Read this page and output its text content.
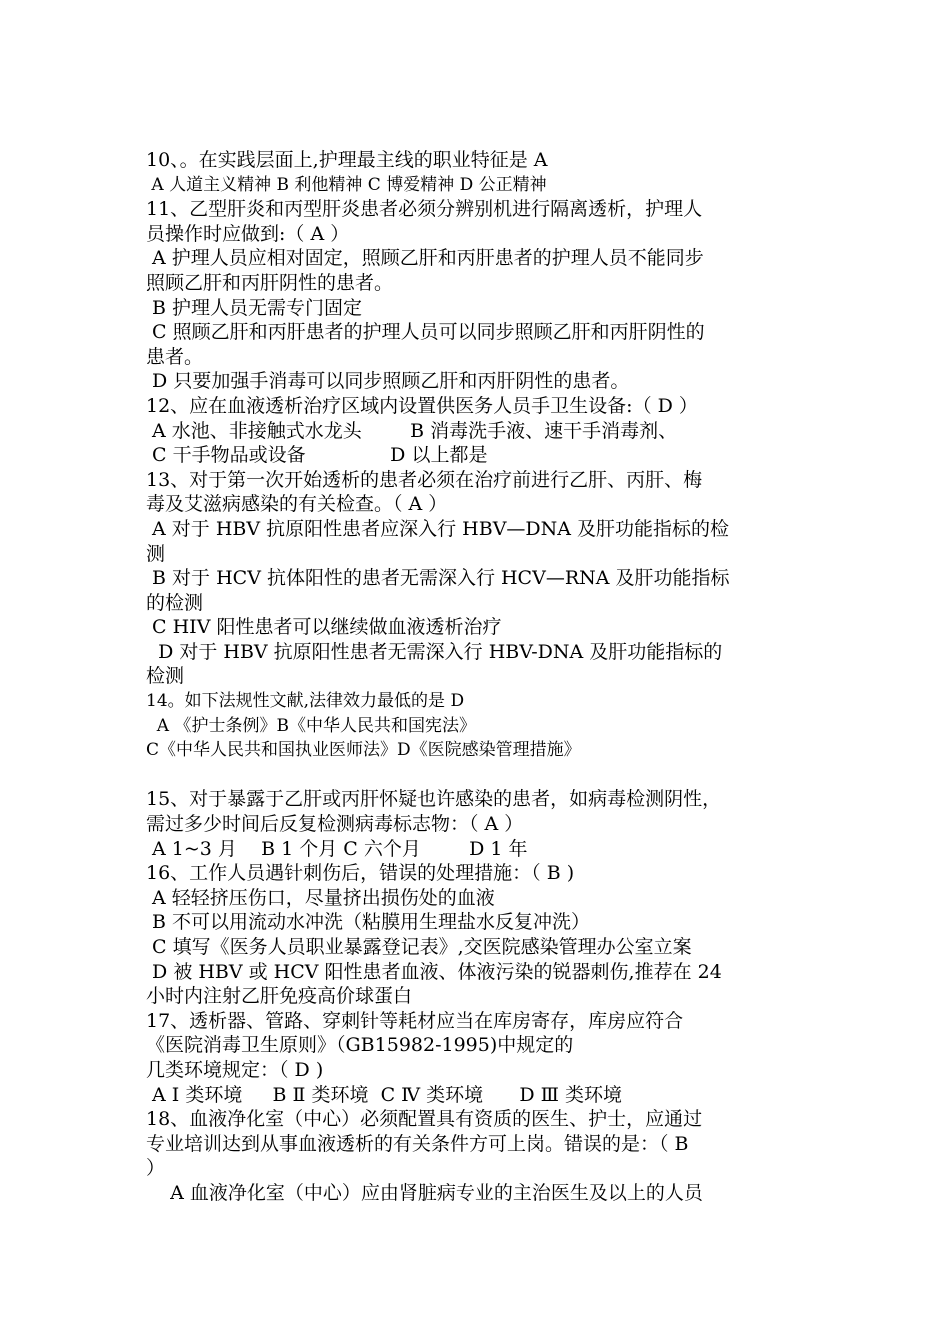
10、。在实践层面上,护理最主线的职业特征是 A
A 人道主义精神 B 利他精神 C 博爱精神 D 公正精神
11、乙型肝炎和丙型肝炎患者必须分辨别机进行隔离透析，护理人
员操作时应做到:（ A ）
A 护理人员应相对固定，照顾乙肝和丙肝患者的护理人员不能同步
照顾乙肝和丙肝阴性的患者。
B 护理人员无需专门固定
C 照顾乙肝和丙肝患者的护理人员可以同步照顾乙肝和丙肝阴性的
患者。
D 只要加强手消毒可以同步照顾乙肝和丙肝阴性的患者。
12、应在血液透析治疗区域内设置供医务人员手卫生设备:（ D ）
A 水池、非接触式水龙头        B 消毒洗手液、速干手消毒剂、
C 干手物品或设备              D 以上都是
13、对于第一次开始透析的患者必须在治疗前进行乙肝、丙肝、梅
毒及艾滋病感染的有关检查。（ A ）
A 对于 HBV 抗原阳性患者应深入行 HBV—DNA 及肝功能指标的检
测
B 对于 HCV 抗体阳性的患者无需深入行 HCV—RNA 及肝功能指标
的检测
C HIV 阳性患者可以继续做血液透析治疗
D 对于 HBV 抗原阳性患者无需深入行 HBV-DNA 及肝功能指标的
检测
14。如下法规性文献,法律效力最低的是 D
A 《护士条例》B《中华人民共和国宪法》
C《中华人民共和国执业医师法》D《医院感染管理措施》
15、对于暴露于乙肝或丙肝怀疑也许感染的患者，如病毒检测阴性，
需过多少时间后反复检测病毒标志物：（ A ）
A 1~3 月    B 1 个月 C 六个月        D 1 年
16、工作人员遇针刺伤后，错误的处理措施：（ B )
A 轻轻挤压伤口，尽量挤出损伤处的血液
B 不可以用流动水冲洗（粘膜用生理盐水反复冲洗）
C 填写《医务人员职业暴露登记表》,交医院感染管理办公室立案
D 被 HBV 或 HCV 阳性患者血液、体液污染的锐器刺伤,推荐在 24
小时内注射乙肝免疫高价球蛋白
17、透析器、管路、穿刺针等耗材应当在库房寄存，库房应符合
《医院消毒卫生原则》（GB15982-1995)中规定的
几类环境规定：（ D )
A Ⅰ 类环境     B Ⅱ 类环境  C Ⅳ 类环境      D Ⅲ 类环境
18、血液净化室（中心）必须配置具有资质的医生、护士，应通过
专业培训达到从事血液透析的有关条件方可上岗。错误的是：（ B
）
A 血液净化室（中心）应由肾脏病专业的主治医生及以上的人员
